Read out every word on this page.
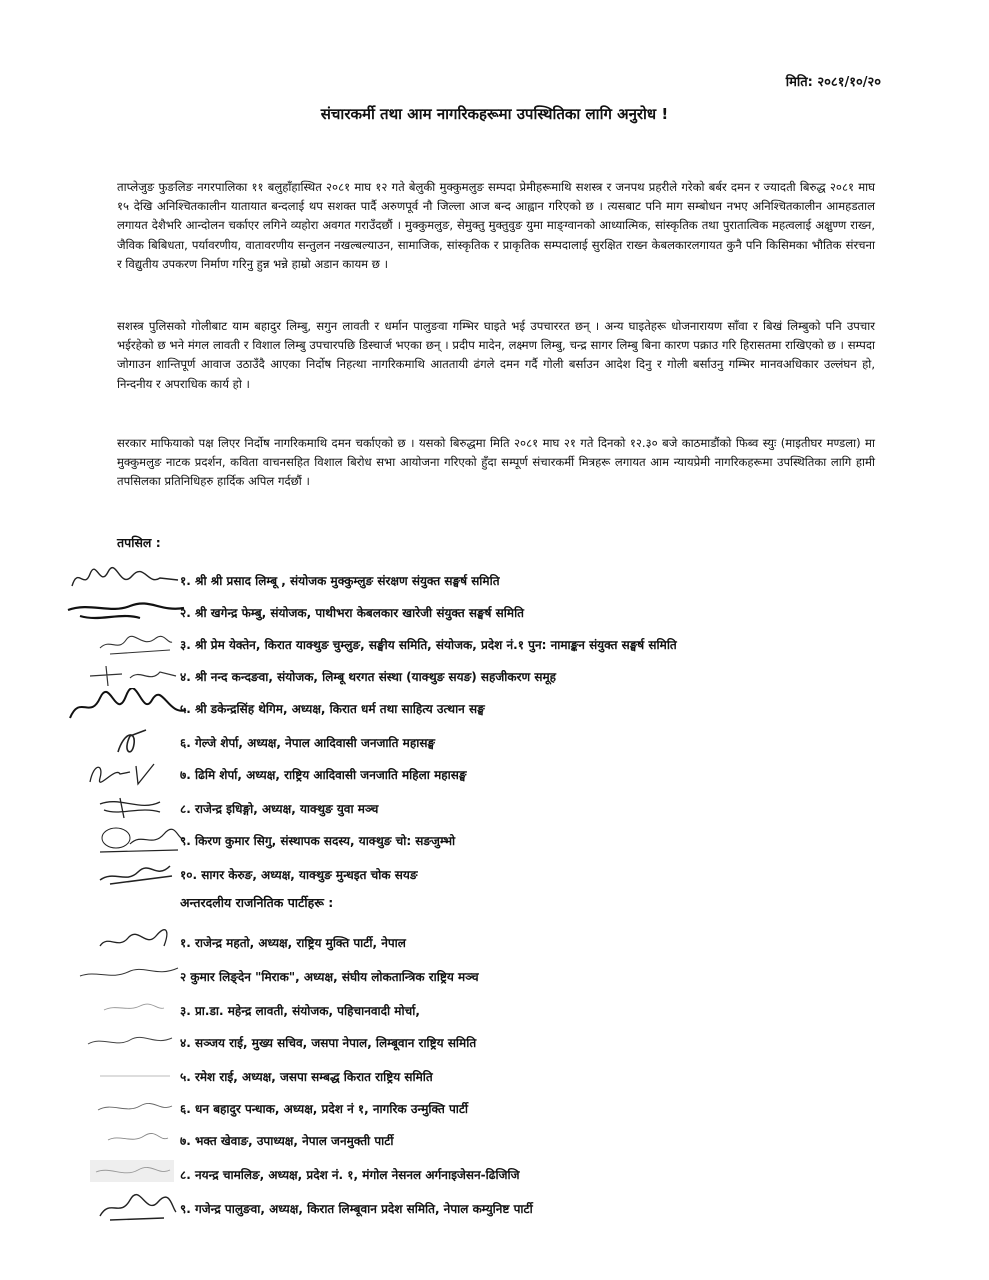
मिति: २०८१/१०/२०
संचारकर्मी तथा आम नागरिकहरूमा उपस्थितिका लागि अनुरोध !

ताप्लेजुङ फुङलिङ नगरपालिका ११ बलुहाँहास्थित २०८१ माघ १२ गते बेलुकी मुक्कुमलुङ सम्पदा प्रेमीहरूमाथि सशस्त्र र जनपथ प्रहरीले गरेको बर्बर दमन र ज्यादती बिरुद्ध २०८१ माघ १५ देखि अनिश्चितकालीन यातायात बन्दलाई थप सशक्त पार्दै अरुणपूर्व नौ जिल्ला आज बन्द आह्वान गरिएको छ । त्यसबाट पनि माग सम्बोधन नभए अनिश्चितकालीन आमहडताल लगायत देशैभरि आन्दोलन चर्काएर लगिने व्यहोरा अवगत गराउँदछौं । मुक्कुमलुङ, सेमुक्तु मुक्तुवुङ युमा माङ्ग्वानको आध्यात्मिक, सांस्कृतिक तथा पुरातात्विक महत्वलाई अक्षुण्ण राख्न, जैविक बिबिधता, पर्यावरणीय, वातावरणीय सन्तुलन नखल्बल्याउन, सामाजिक, सांस्कृतिक र प्राकृतिक सम्पदालाई सुरक्षित राख्न केबलकारलगायत कुनै पनि किसिमका भौतिक संरचना र विद्युतीय उपकरण निर्माण गरिनु हुन्न भन्ने हाम्रो अडान कायम छ ।

सशस्त्र पुलिसको गोलीबाट याम बहादुर लिम्बु, सगुन लावती र धर्मान पालुङवा गम्भिर घाइते भई उपचाररत छन् । अन्य घाइतेहरू धोजनारायण साँवा र बिखं लिम्बुको पनि उपचार भईरहेको छ भने मंगल लावती र विशाल लिम्बु उपचारपछि डिस्चार्ज भएका छन् । प्रदीप मादेन, लक्ष्मण लिम्बु, चन्द्र सागर लिम्बु बिना कारण पक्राउ गरि हिरासतमा राखिएको छ । सम्पदा जोगाउन शान्तिपूर्ण आवाज उठाउँदै आएका निर्दोष निहत्था नागरिकमाथि आततायी ढंगले दमन गर्दै गोली बर्साउन आदेश दिनु र गोली बर्साउनु गम्भिर मानवअधिकार उल्लंघन हो, निन्दनीय र अपराधिक कार्य हो ।

सरकार माफियाको पक्ष लिएर निर्दोष नागरिकमाथि दमन चर्काएको छ । यसको बिरुद्धमा मिति २०८१ माघ २१ गते दिनको १२.३० बजे काठमाडौंको फिब्व स्युः (माइतीघर मण्डला) मा मुक्कुमलुङ नाटक प्रदर्शन, कविता वाचनसहित विशाल बिरोध सभा आयोजना गरिएको हुँदा सम्पूर्ण संचारकर्मी मित्रहरू लगायत आम न्यायप्रेमी नागरिकहरूमा उपस्थितिका लागि हामी तपसिलका प्रतिनिधिहरु हार्दिक अपिल गर्दछौं ।

तपसिल :
१. श्री श्री प्रसाद लिम्बू , संयोजक मुक्कुम्लुङ संरक्षण संयुक्त सङ्घर्ष समिति
२. श्री खगेन्द्र फेम्बु, संयोजक, पाथीभरा केबलकार खारेजी संयुक्त सङ्घर्ष समिति
३. श्री प्रेम येक्तेन, किरात याक्थुङ चुम्लुङ, सङ्घीय समिति, संयोजक, प्रदेश नं.१ पुन: नामाङ्कन संयुक्त सङ्घर्ष समिति
४. श्री नन्द कन्दङवा, संयोजक, लिम्बू थरगत संस्था (याक्थुङ सयङ) सहजीकरण समूह
५. श्री डकेन्द्रसिंह थेगिम, अध्यक्ष, किरात धर्म तथा साहित्य उत्थान सङ्घ
६. गेल्जे शेर्पा, अध्यक्ष, नेपाल आदिवासी जनजाति महासङ्घ
७. ढिमि शेर्पा, अध्यक्ष, राष्ट्रिय आदिवासी जनजाति महिला महासङ्घ
८. राजेन्द्र इधिङ्गो, अध्यक्ष, याक्थुङ युवा मञ्च
९. किरण कुमार सिगु, संस्थापक सदस्य, याक्थुङ चो: सङजुम्भो
१०. सागर केरुङ, अध्यक्ष, याक्थुङ मुन्धइत चोक सयङ
अन्तरदलीय राजनितिक पार्टीहरू :
१. राजेन्द्र महतो, अध्यक्ष, राष्ट्रिय मुक्ति पार्टी, नेपाल
२ कुमार लिङ्देन "मिराक", अध्यक्ष, संघीय लोकतान्त्रिक राष्ट्रिय मञ्च
३. प्रा.डा. महेन्द्र लावती, संयोजक, पहिचानवादी मोर्चा,
४. सञ्जय राई, मुख्य सचिव, जसपा नेपाल, लिम्बूवान राष्ट्रिय समिति
५. रमेश राई, अध्यक्ष, जसपा सम्बद्ध किरात राष्ट्रिय समिति
६. धन बहादुर पन्धाक, अध्यक्ष, प्रदेश नं १, नागरिक उन्मुक्ति पार्टी
७. भक्त खेवाङ, उपाध्यक्ष, नेपाल जनमुक्ती पार्टी
८. नयन्द्र चामलिङ, अध्यक्ष, प्रदेश नं. १, मंगोल नेसनल अर्गनाइजेसन-ढिजिजि
९. गजेन्द्र पालुङवा, अध्यक्ष, किरात लिम्बूवान प्रदेश समिति, नेपाल कम्युनिष्ट पार्टी
